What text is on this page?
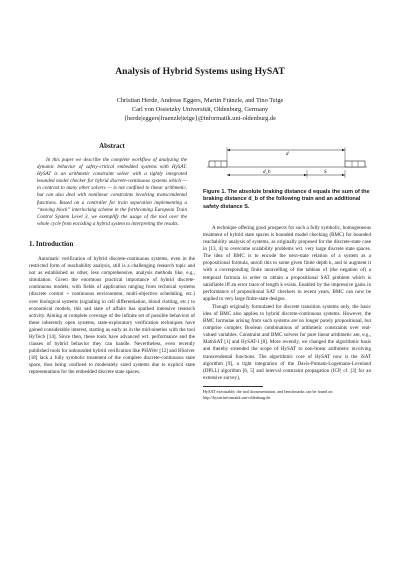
Analysis of Hybrid Systems using HySAT
Christian Herde, Andreas Eggers, Martin Fränzle, and Tino Teige
Carl von Ossietzky Universität, Oldenburg, Germany
{herde|eggers|fraenzle|teige}@informatik.uni-oldenburg.de

Abstract

In this paper we describe the complete workflow of analyzing the dynamic behavior of safety-critical embedded systems with HySAT. HySAT is an arithmetic constraint solver with a tightly integrated bounded model checker for hybrid discrete-continuous systems which — in contrast to many other solvers — is not confined to linear arithmetic, but can also deal with nonlinear constraints involving transcendental functions. Based on a controller for train separation implementing a “moving block” interlocking scheme in the forthcoming European Train Control System Level 3, we exemplify the usage of the tool over the whole cycle from encoding a hybrid system to interpreting the results.

1. Introduction

Automatic verification of hybrid discrete-continuous systems, even in the restricted form of reachability analysis, still is a challenging research topic and not as established as other, less comprehensive, analysis methods like, e.g., simulation. Given the enormous practical importance of hybrid discrete-continuous models, with fields of application ranging from technical systems (discrete control + continuous environment, multi-objective scheduling, etc.) over biological systems (signaling in cell differentiation, blood clotting, etc.) to economical models, this sad state of affairs has sparked intensive research activity. Aiming at complete coverage of the infinite set of possible behaviors of these inherently open systems, state-exploratory verification techniques have gained considerable interest, starting as early as in the mid-nineties with the tool HyTech [14]. Since then, these tools have advanced wrt. performance and the classes of hybrid behavior they can handle. Nevertheless, even recently published tools for unbounded hybrid verification like PHAVer [12] and HSolver [18] lack a fully symbolic treatment of the complete discrete-continuous state space, thus being confined to moderately sized systems due to explicit state representations for the embedded discrete state spaces.

d
d_b	S

Figure 1. The absolute braking distance d equals the sum of the braking distance d_b of the following train and an additional safety distance S.

A technique offering good prospects for such a fully symbolic, homogeneous treatment of hybrid state spaces is bounded model checking (BMC) for bounded reachability analysis of systems, as originally proposed for the discrete-state case in [13, 4] to overcome scalability problems wrt. very large discrete state spaces. The idea of BMC is to encode the next-state relation of a system as a propositional formula, unroll this to some given finite depth k, and to augment it with a corresponding finite unravelling of the tableau of (the negation of) a temporal formula in order to obtain a propositional SAT problem which is satisfiable iff an error trace of length k exists. Enabled by the impressive gains in performance of propositional SAT checkers in recent years, BMC can now be applied to very large finite-state designs.

Though originally formulated for discrete transition systems only, the basic idea of BMC also applies to hybrid discrete-continuous systems. However, the BMC formulae arising from such systems are no longer purely propositional, but comprise complex Boolean combinations of arithmetic constraints over real-valued variables. Constraint and BMC solvers for pure linear arithmetic are, e.g., MathSAT [1] and HySAT-I [8]. More recently, we changed the algorithmic basis and thereby extended the scope of HySAT to non-linear arithmetic involving transcendental functions. The algorithmic core of HySAT now is the iSAT algorithm [9], a tight integration of the Davis-Putnam-Logemann-Loveland (DPLL) algorithm [6, 5] and interval constraint propagation (ICP, cf. [3] for an extensive survey),

HySAT executable, the tool documentation, and benchmarks can be found on http://hysat.informatik.uni-oldenburg.de.
